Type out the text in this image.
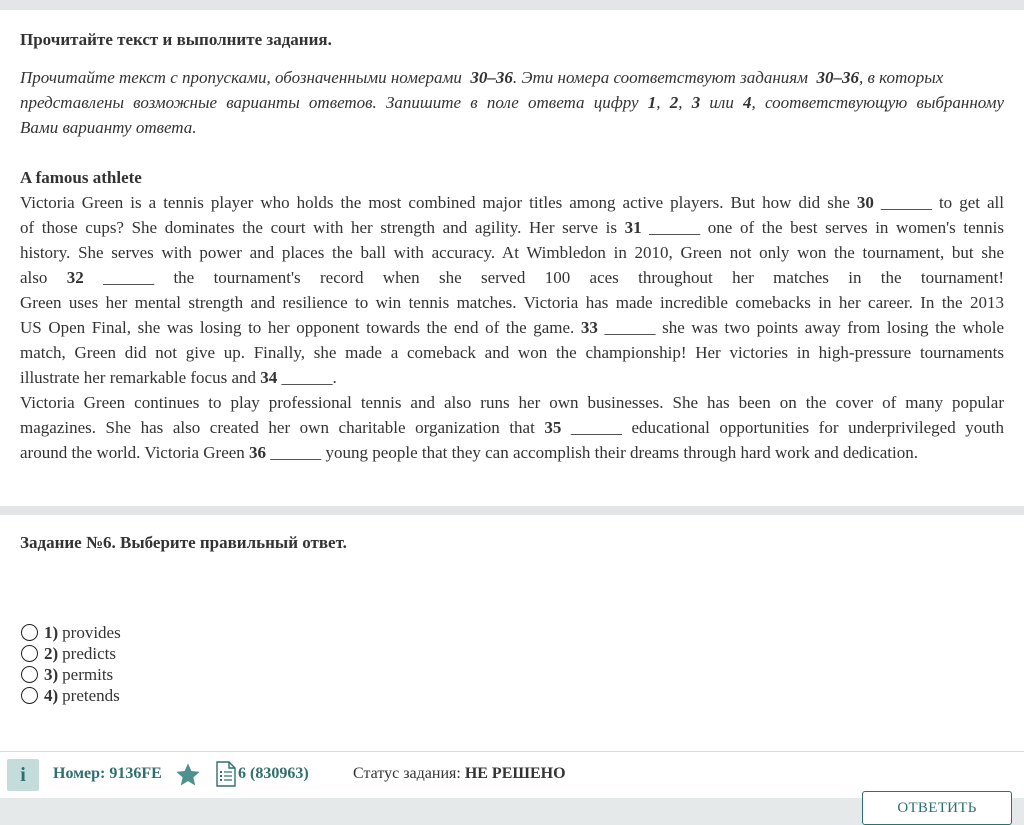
Прочитайте текст и выполните задания.
Прочитайте текст с пропусками, обозначенными номерами 30–36. Эти номера соответствуют заданиям 30–36, в которых
представлены возможные варианты ответов. Запишите в поле ответа цифру 1, 2, 3 или 4, соответствующую выбранному
Вами варианту ответа.
A famous athlete
Victoria Green is a tennis player who holds the most combined major titles among active players. But how did she 30 ______ to get all
of those cups? She dominates the court with her strength and agility. Her serve is 31 ______ one of the best serves in women's tennis
history. She serves with power and places the ball with accuracy. At Wimbledon in 2010, Green not only won the tournament, but she
also 32 ______ the tournament's record when she served 100 aces throughout her matches in the tournament!
Green uses her mental strength and resilience to win tennis matches. Victoria has made incredible comebacks in her career. In the 2013
US Open Final, she was losing to her opponent towards the end of the game. 33 ______ she was two points away from losing the whole
match, Green did not give up. Finally, she made a comeback and won the championship! Her victories in high-pressure tournaments
illustrate her remarkable focus and 34 ______.
Victoria Green continues to play professional tennis and also runs her own businesses. She has been on the cover of many popular
magazines. She has also created her own charitable organization that 35 ______ educational opportunities for underprivileged youth
around the world. Victoria Green 36 ______ young people that they can accomplish their dreams through hard work and dedication.
Задание №6. Выберите правильный ответ.
1) provides
2) predicts
3) permits
4) pretends
i	Номер: 9136FE	6 (830963)	Статус задания: НЕ РЕШЕНО
ОТВЕТИТЬ
